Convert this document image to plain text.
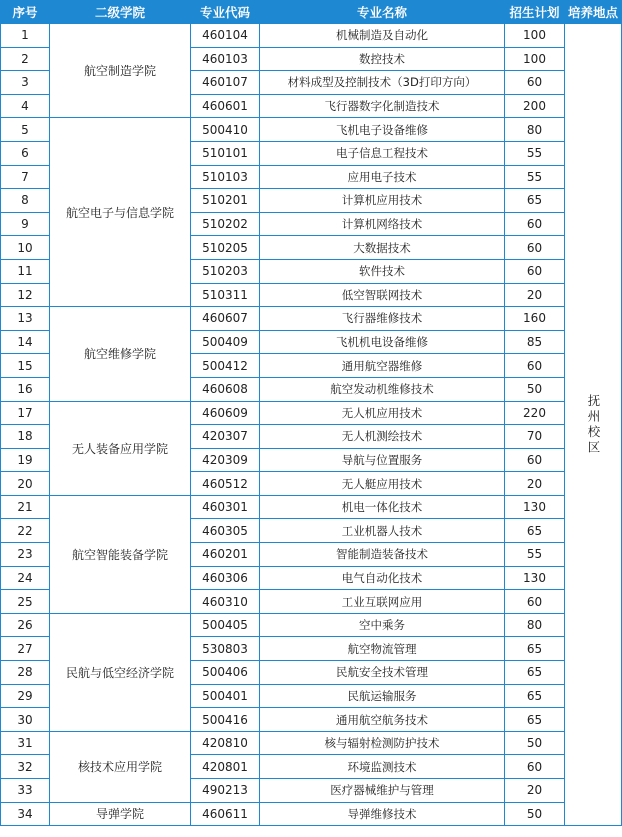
序号	二级学院	专业代码	专业名称	招生计划	培养地点
1	航空制造学院	460104	机械制造及自动化	100	抚州校区
2		460103	数控技术	100	
3		460107	材料成型及控制技术（3D打印方向）	60	
4		460601	飞行器数字化制造技术	200	
5	航空电子与信息学院	500410	飞机电子设备维修	80	
6		510101	电子信息工程技术	55	
7		510103	应用电子技术	55	
8		510201	计算机应用技术	65	
9		510202	计算机网络技术	60	
10		510205	大数据技术	60	
11		510203	软件技术	60	
12		510311	低空智联网技术	20	
13	航空维修学院	460607	飞行器维修技术	160	
14		500409	飞机机电设备维修	85	
15		500412	通用航空器维修	60	
16		460608	航空发动机维修技术	50	
17	无人装备应用学院	460609	无人机应用技术	220	
18		420307	无人机测绘技术	70	
19		420309	导航与位置服务	60	
20		460512	无人艇应用技术	20	
21	航空智能装备学院	460301	机电一体化技术	130	
22		460305	工业机器人技术	65	
23		460201	智能制造装备技术	55	
24		460306	电气自动化技术	130	
25		460310	工业互联网应用	60	
26	民航与低空经济学院	500405	空中乘务	80	
27		530803	航空物流管理	65	
28		500406	民航安全技术管理	65	
29		500401	民航运输服务	65	
30		500416	通用航空航务技术	65	
31	核技术应用学院	420810	核与辐射检测防护技术	50	
32		420801	环境监测技术	60	
33		490213	医疗器械维护与管理	20	
34	导弹学院	460611	导弹维修技术	50	
